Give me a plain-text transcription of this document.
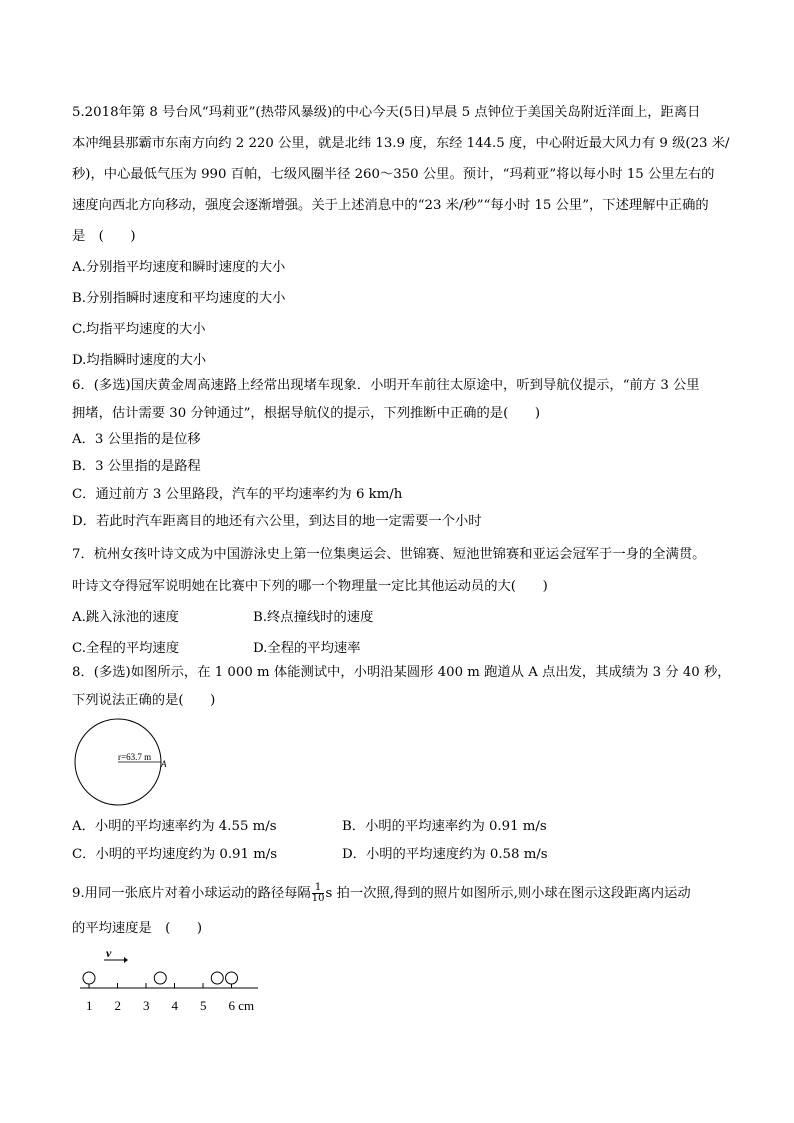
5.2018年第 8 号台风“玛莉亚”(热带风暴级)的中心今天(5日)早晨 5 点钟位于美国关岛附近洋面上，距离日
本冲绳县那霸市东南方向约 2 220 公里，就是北纬 13.9 度，东经 144.5 度，中心附近最大风力有 9 级(23 米/
秒)，中心最低气压为 990 百帕，七级风圈半径 260～350 公里。预计，“玛莉亚”将以每小时 15 公里左右的
速度向西北方向移动，强度会逐渐增强。关于上述消息中的“23 米/秒”“每小时 15 公里”，下述理解中正确的
是　(　　)
A.分别指平均速度和瞬时速度的大小
B.分别指瞬时速度和平均速度的大小
C.均指平均速度的大小
D.均指瞬时速度的大小
6．(多选)国庆黄金周高速路上经常出现堵车现象．小明开车前往太原途中，听到导航仪提示，“前方 3 公里
拥堵，估计需要 30 分钟通过”，根据导航仪的提示，下列推断中正确的是(　　)
A．3 公里指的是位移
B．3 公里指的是路程
C．通过前方 3 公里路段，汽车的平均速率约为 6 km/h
D．若此时汽车距离目的地还有六公里，到达目的地一定需要一个小时
7．杭州女孩叶诗文成为中国游泳史上第一位集奥运会、世锦赛、短池世锦赛和亚运会冠军于一身的全满贯。
叶诗文夺得冠军说明她在比赛中下列的哪一个物理量一定比其他运动员的大(　　)
A.跳入泳池的速度	B.终点撞线时的速度
C.全程的平均速度	D.全程的平均速率
8．(多选)如图所示，在 1 000 m 体能测试中，小明沿某圆形 400 m 跑道从 A 点出发，其成绩为 3 分 40 秒，
下列说法正确的是(　　)
r=63.7 m
A
A．小明的平均速率约为 4.55 m/s	B．小明的平均速率约为 0.91 m/s
C．小明的平均速度约为 0.91 m/s	D．小明的平均速度约为 0.58 m/s
9.用同一张底片对着小球运动的路径每隔 $\frac{1}{10}$ s 拍一次照,得到的照片如图所示,则小球在图示这段距离内运动
的平均速度是　(　　)
v
1 2 3 4 5 6 cm
